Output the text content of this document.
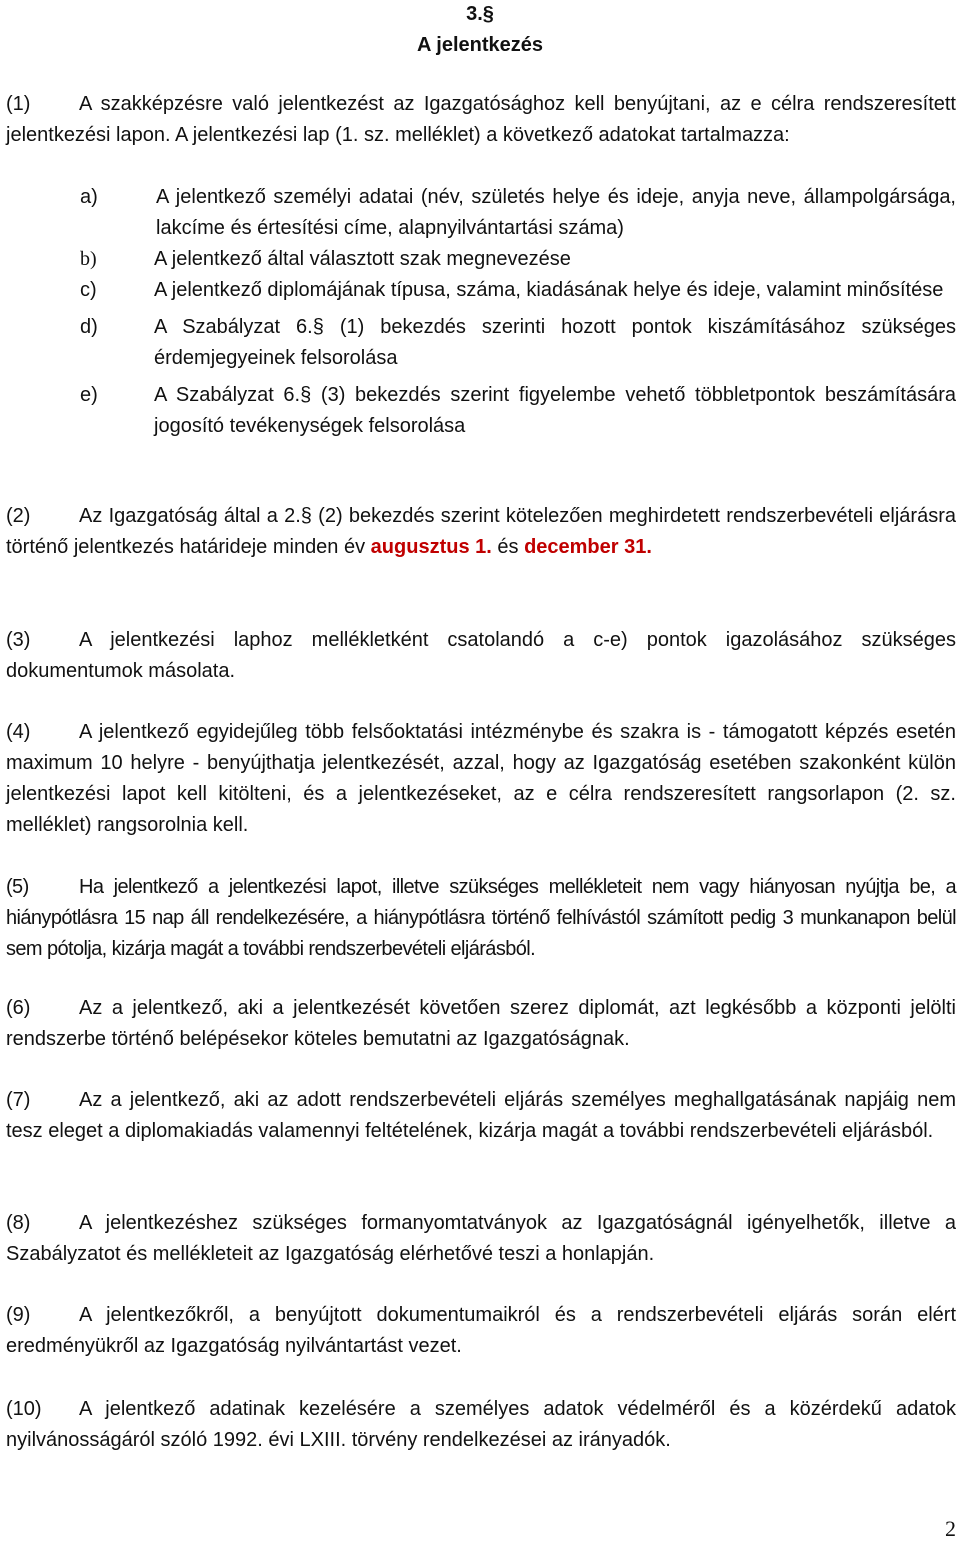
3.§
A jelentkezés
(1) A szakképzésre való jelentkezést az Igazgatósághoz kell benyújtani, az e célra rendszeresített jelentkezési lapon. A jelentkezési lap (1. sz. melléklet) a következő adatokat tartalmazza:
a)	A jelentkező személyi adatai (név, születés helye és ideje, anyja neve, állampolgársága, lakcíme és értesítési címe, alapnyilvántartási száma)
b)	A jelentkező által választott szak megnevezése
c)	A jelentkező diplomájának típusa, száma, kiadásának helye és ideje, valamint minősítése
d)	A Szabályzat 6.§ (1) bekezdés szerinti hozott pontok kiszámításához szükséges érdemjegyeinek felsorolása
e)	A Szabályzat 6.§ (3) bekezdés szerint figyelembe vehető többletpontok beszámítására jogosító tevékenységek felsorolása
(2) Az Igazgatóság által a 2.§ (2) bekezdés szerint kötelezően meghirdetett rendszerbevételi eljárásra történő jelentkezés határideje minden év augusztus 1. és december 31.
(3) A jelentkezési laphoz mellékletként csatolandó a c-e) pontok igazolásához szükséges dokumentumok másolata.
(4) A jelentkező egyidejűleg több felsőoktatási intézménybe és szakra is - támogatott képzés esetén maximum 10 helyre - benyújthatja jelentkezését, azzal, hogy az Igazgatóság esetében szakonként külön jelentkezési lapot kell kitölteni, és a jelentkezéseket, az e célra rendszeresített rangsorlapon (2. sz. melléklet) rangsorolnia kell.
(5)	Ha jelentkező a jelentkezési lapot, illetve szükséges mellékleteit nem vagy hiányosan nyújtja be, a hiánypótlásra 15 nap áll rendelkezésére, a hiánypótlásra történő felhívástól számított pedig 3 munkanapon belül sem pótolja, kizárja magát a további rendszerbevételi eljárásból.
(6) Az a jelentkező, aki a jelentkezését követően szerez diplomát, azt legkésőbb a központi jelölti rendszerbe történő belépésekor köteles bemutatni az Igazgatóságnak.
(7) Az a jelentkező, aki az adott rendszerbevételi eljárás személyes meghallgatásának napjáig nem tesz eleget a diplomakiadás valamennyi feltételének, kizárja magát a további rendszerbevételi eljárásból.
(8) A jelentkezéshez szükséges formanyomtatványok az Igazgatóságnál igényelhetők, illetve a Szabályzatot és mellékleteit az Igazgatóság elérhetővé teszi a honlapján.
(9) A jelentkezőkről, a benyújtott dokumentumaikról és a rendszerbevételi eljárás során elért eredményükről az Igazgatóság nyilvántartást vezet.
(10) A jelentkező adatinak kezelésére a személyes adatok védelméről és a közérdekű adatok nyilvánosságáról szóló 1992. évi LXIII. törvény rendelkezései az irányadók.
2
